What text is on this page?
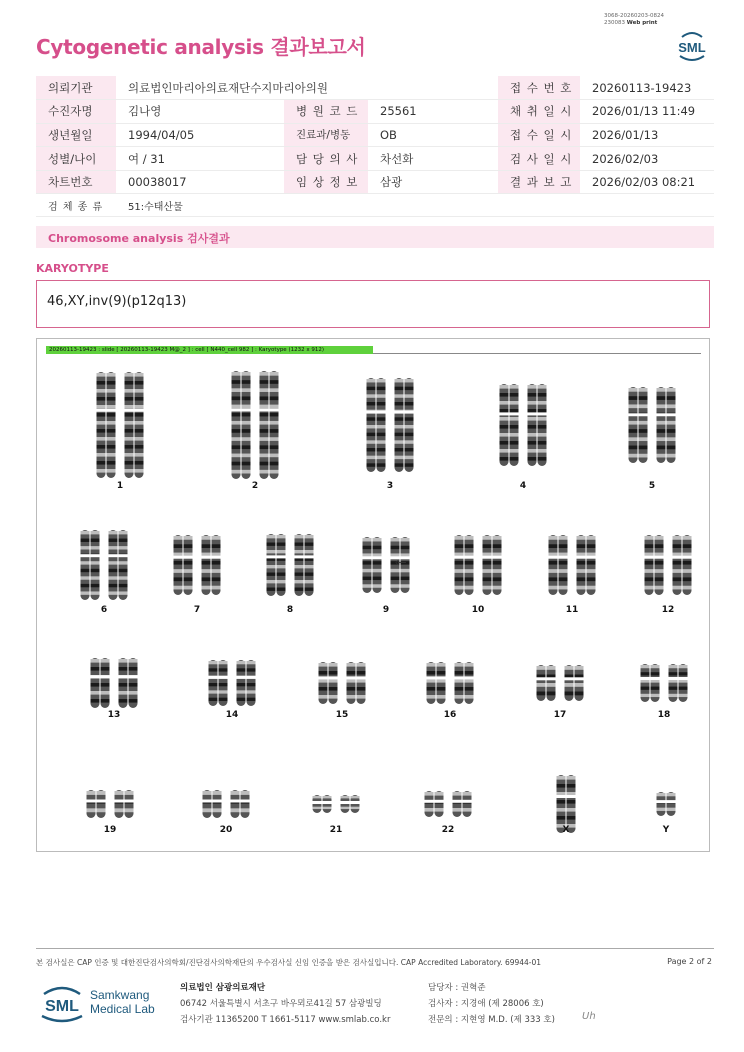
3068-20260203-0824
230083 Web print
Cytogenetic analysis 결과보고서	SML
의뢰기관	의료법인마리아의료재단수지마리아의원			접 수 번 호	20260113-19423
수진자명	김나영	병 원 코 드	25561	채 취 일 시	2026/01/13 11:49
생년월일	1994/04/05	진료과/병동	OB	접 수 일 시	2026/01/13
성별/나이	여 / 31	담 당 의 사	차선화	검 사 일 시	2026/02/03
차트번호	00038017	임 상 정 보	삼광	결 과 보 고	2026/02/03 08:21
검 체 종 류	51:수태산물				
Chromosome analysis 검사결과
KARYOTYPE
46,XY,inv(9)(p12q13)
20260113-19423 : slide [ 20260113-19423 M@_2 ] : cell [ N440_cell 982 ] : Karyotype (1232 x 912)
1	2	3	4	5
6	7	8	9	10	11	12
13	14	15	16	17	18
19	20	21	22	X	Y
⇽
본 검사실은 CAP 인증 및 대한진단검사의학회/진단검사의학재단의 우수검사실 신임 인증을 받은 검사실입니다. CAP Accredited Laboratory. 69944-01	Page 2 of 2
SML
Samkwang
Medical Lab
의료법인 삼광의료재단
06742 서울특별시 서초구 바우뫼로41길 57 삼광빌딩
검사기관 11365200 T 1661-5117 www.smlab.co.kr
담당자 : 권혁준
검사자 : 지경애 (제 28006 호)
전문의 : 지현영 M.D. (제 333 호)	Uh
